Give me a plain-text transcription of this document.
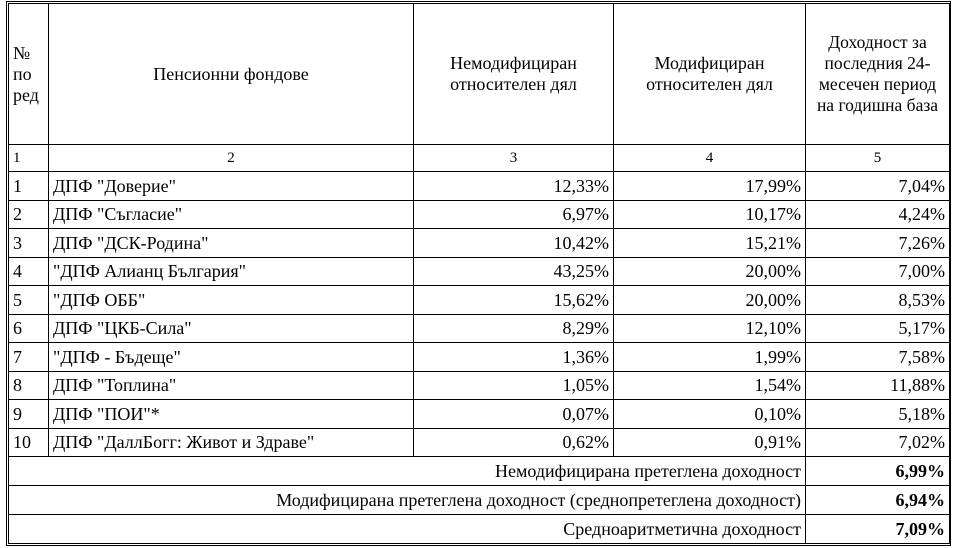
№ по ред	Пенсионни фондове	Немодифициран относителен дял	Модифициран относителен дял	Доходност за последния 24-месечен период на годишна база
1	2	3	4	5
1	ДПФ "Доверие"	12,33%	17,99%	7,04%
2	ДПФ "Съгласие"	6,97%	10,17%	4,24%
3	ДПФ "ДСК-Родина"	10,42%	15,21%	7,26%
4	"ДПФ Алианц България"	43,25%	20,00%	7,00%
5	"ДПФ ОББ"	15,62%	20,00%	8,53%
6	ДПФ "ЦКБ-Сила"	8,29%	12,10%	5,17%
7	"ДПФ - Бъдеще"	1,36%	1,99%	7,58%
8	ДПФ "Топлина"	1,05%	1,54%	11,88%
9	ДПФ "ПОИ"*	0,07%	0,10%	5,18%
10	ДПФ "ДаллБогг: Живот и Здраве"	0,62%	0,91%	7,02%
Немодифицирана претеглена доходност				6,99%
Модифицирана претеглена доходност (среднопретеглена доходност)				6,94%
Средноаритметична доходност				7,09%
